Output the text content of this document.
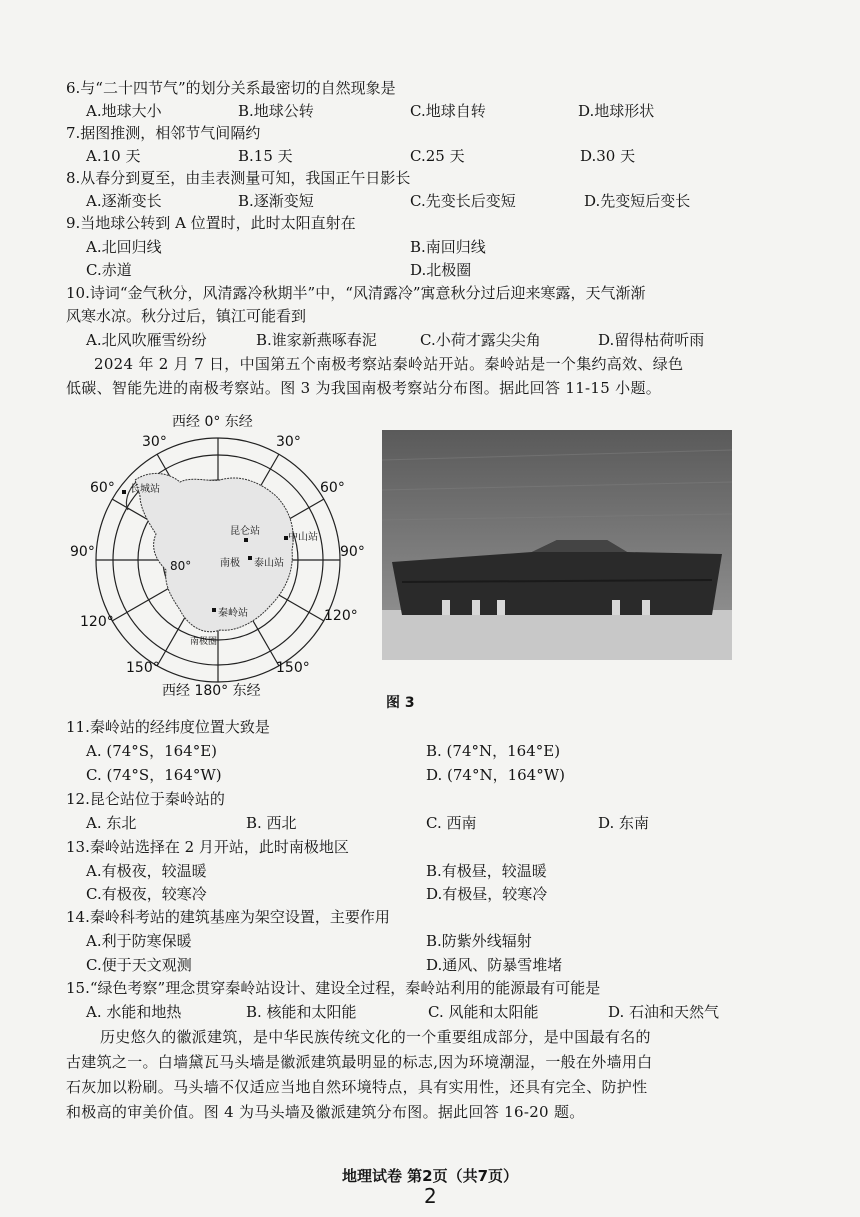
6.与“二十四节气”的划分关系最密切的自然现象是
A.地球大小	B.地球公转	C.地球自转	D.地球形状
7.据图推测，相邻节气间隔约
A.10 天	B.15 天	C.25 天	D.30 天
8.从春分到夏至，由圭表测量可知，我国正午日影长
A.逐渐变长	B.逐渐变短	C.先变长后变短	D.先变短后变长
9.当地球公转到 A 位置时，此时太阳直射在
A.北回归线	B.南回归线
C.赤道	D.北极圈
10.诗词“金气秋分，风清露冷秋期半”中，“风清露冷”寓意秋分过后迎来寒露，天气渐渐
风寒水凉。秋分过后，镇江可能看到
A.北风吹雁雪纷纷	B.谁家新燕啄春泥	C.小荷才露尖尖角	D.留得枯荷听雨
2024 年 2 月 7 日，中国第五个南极考察站秦岭站开站。秦岭站是一个集约高效、绿色
低碳、智能先进的南极考察站。图 3 为我国南极考察站分布图。据此回答 11-15 小题。
西经 0° 东经
西经 180° 东经
30°	30°
60°	60°
90°	90°
120°	120°
150°	150°
80°
长城站
昆仑站
中山站
泰山站
秦岭站
南极
南极圈
图 3
11.秦岭站的经纬度位置大致是
A. (74°S，164°E)	B. (74°N，164°E)
C. (74°S，164°W)	D. (74°N，164°W)
12.昆仑站位于秦岭站的
A. 东北	B. 西北	C. 西南	D. 东南
13.秦岭站选择在 2 月开站，此时南极地区
A.有极夜，较温暖	B.有极昼，较温暖
C.有极夜，较寒冷	D.有极昼，较寒冷
14.秦岭科考站的建筑基座为架空设置，主要作用
A.利于防寒保暖	B.防紫外线辐射
C.便于天文观测	D.通风、防暴雪堆堵
15.“绿色考察”理念贯穿秦岭站设计、建设全过程，秦岭站利用的能源最有可能是
A. 水能和地热	B. 核能和太阳能	C. 风能和太阳能	D. 石油和天然气
历史悠久的徽派建筑，是中华民族传统文化的一个重要组成部分，是中国最有名的
古建筑之一。白墙黛瓦马头墙是徽派建筑最明显的标志,因为环境潮湿，一般在外墙用白
石灰加以粉刷。马头墙不仅适应当地自然环境特点，具有实用性，还具有完全、防护性
和极高的审美价值。图 4 为马头墙及徽派建筑分布图。据此回答 16-20 题。
地理试卷 第2页（共7页）
2
